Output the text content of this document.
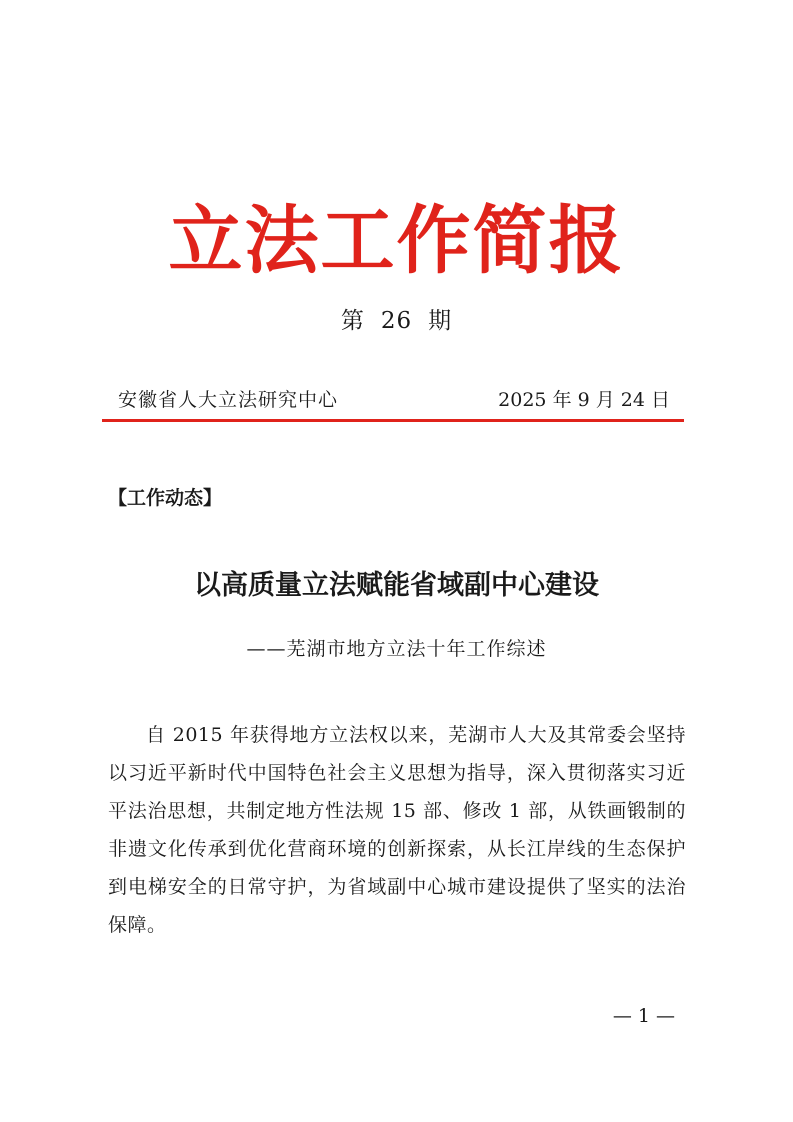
立法工作简报
第 26 期
安徽省人大立法研究中心	2025 年 9 月 24 日
【工作动态】
以高质量立法赋能省域副中心建设
——芜湖市地方立法十年工作综述

自 2015 年获得地方立法权以来，芜湖市人大及其常委会坚持以习近平新时代中国特色社会主义思想为指导，深入贯彻落实习近平法治思想，共制定地方性法规 15 部、修改 1 部，从铁画锻制的非遗文化传承到优化营商环境的创新探索，从长江岸线的生态保护到电梯安全的日常守护，为省域副中心城市建设提供了坚实的法治保障。

— 1 —
